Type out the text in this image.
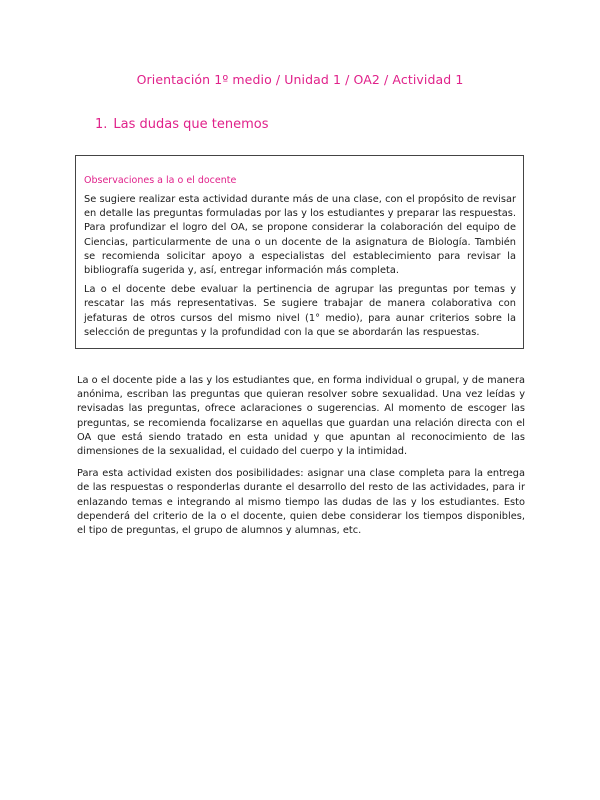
Orientación 1º medio / Unidad 1 / OA2 / Actividad 1
1. Las dudas que tenemos

Observaciones a la o el docente

Se sugiere realizar esta actividad durante más de una clase, con el propósito de revisar en detalle las preguntas formuladas por las y los estudiantes y preparar las respuestas. Para profundizar el logro del OA, se propone considerar la colaboración del equipo de Ciencias, particularmente de una o un docente de la asignatura de Biología. También se recomienda solicitar apoyo a especialistas del establecimiento para revisar la bibliografía sugerida y, así, entregar información más completa.

La o el docente debe evaluar la pertinencia de agrupar las preguntas por temas y rescatar las más representativas. Se sugiere trabajar de manera colaborativa con jefaturas de otros cursos del mismo nivel (1° medio), para aunar criterios sobre la selección de preguntas y la profundidad con la que se abordarán las respuestas.

La o el docente pide a las y los estudiantes que, en forma individual o grupal, y de manera anónima, escriban las preguntas que quieran resolver sobre sexualidad. Una vez leídas y revisadas las preguntas, ofrece aclaraciones o sugerencias. Al momento de escoger las preguntas, se recomienda focalizarse en aquellas que guardan una relación directa con el OA que está siendo tratado en esta unidad y que apuntan al reconocimiento de las dimensiones de la sexualidad, el cuidado del cuerpo y la intimidad.

Para esta actividad existen dos posibilidades: asignar una clase completa para la entrega de las respuestas o responderlas durante el desarrollo del resto de las actividades, para ir enlazando temas e integrando al mismo tiempo las dudas de las y los estudiantes. Esto dependerá del criterio de la o el docente, quien debe considerar los tiempos disponibles, el tipo de preguntas, el grupo de alumnos y alumnas, etc.
